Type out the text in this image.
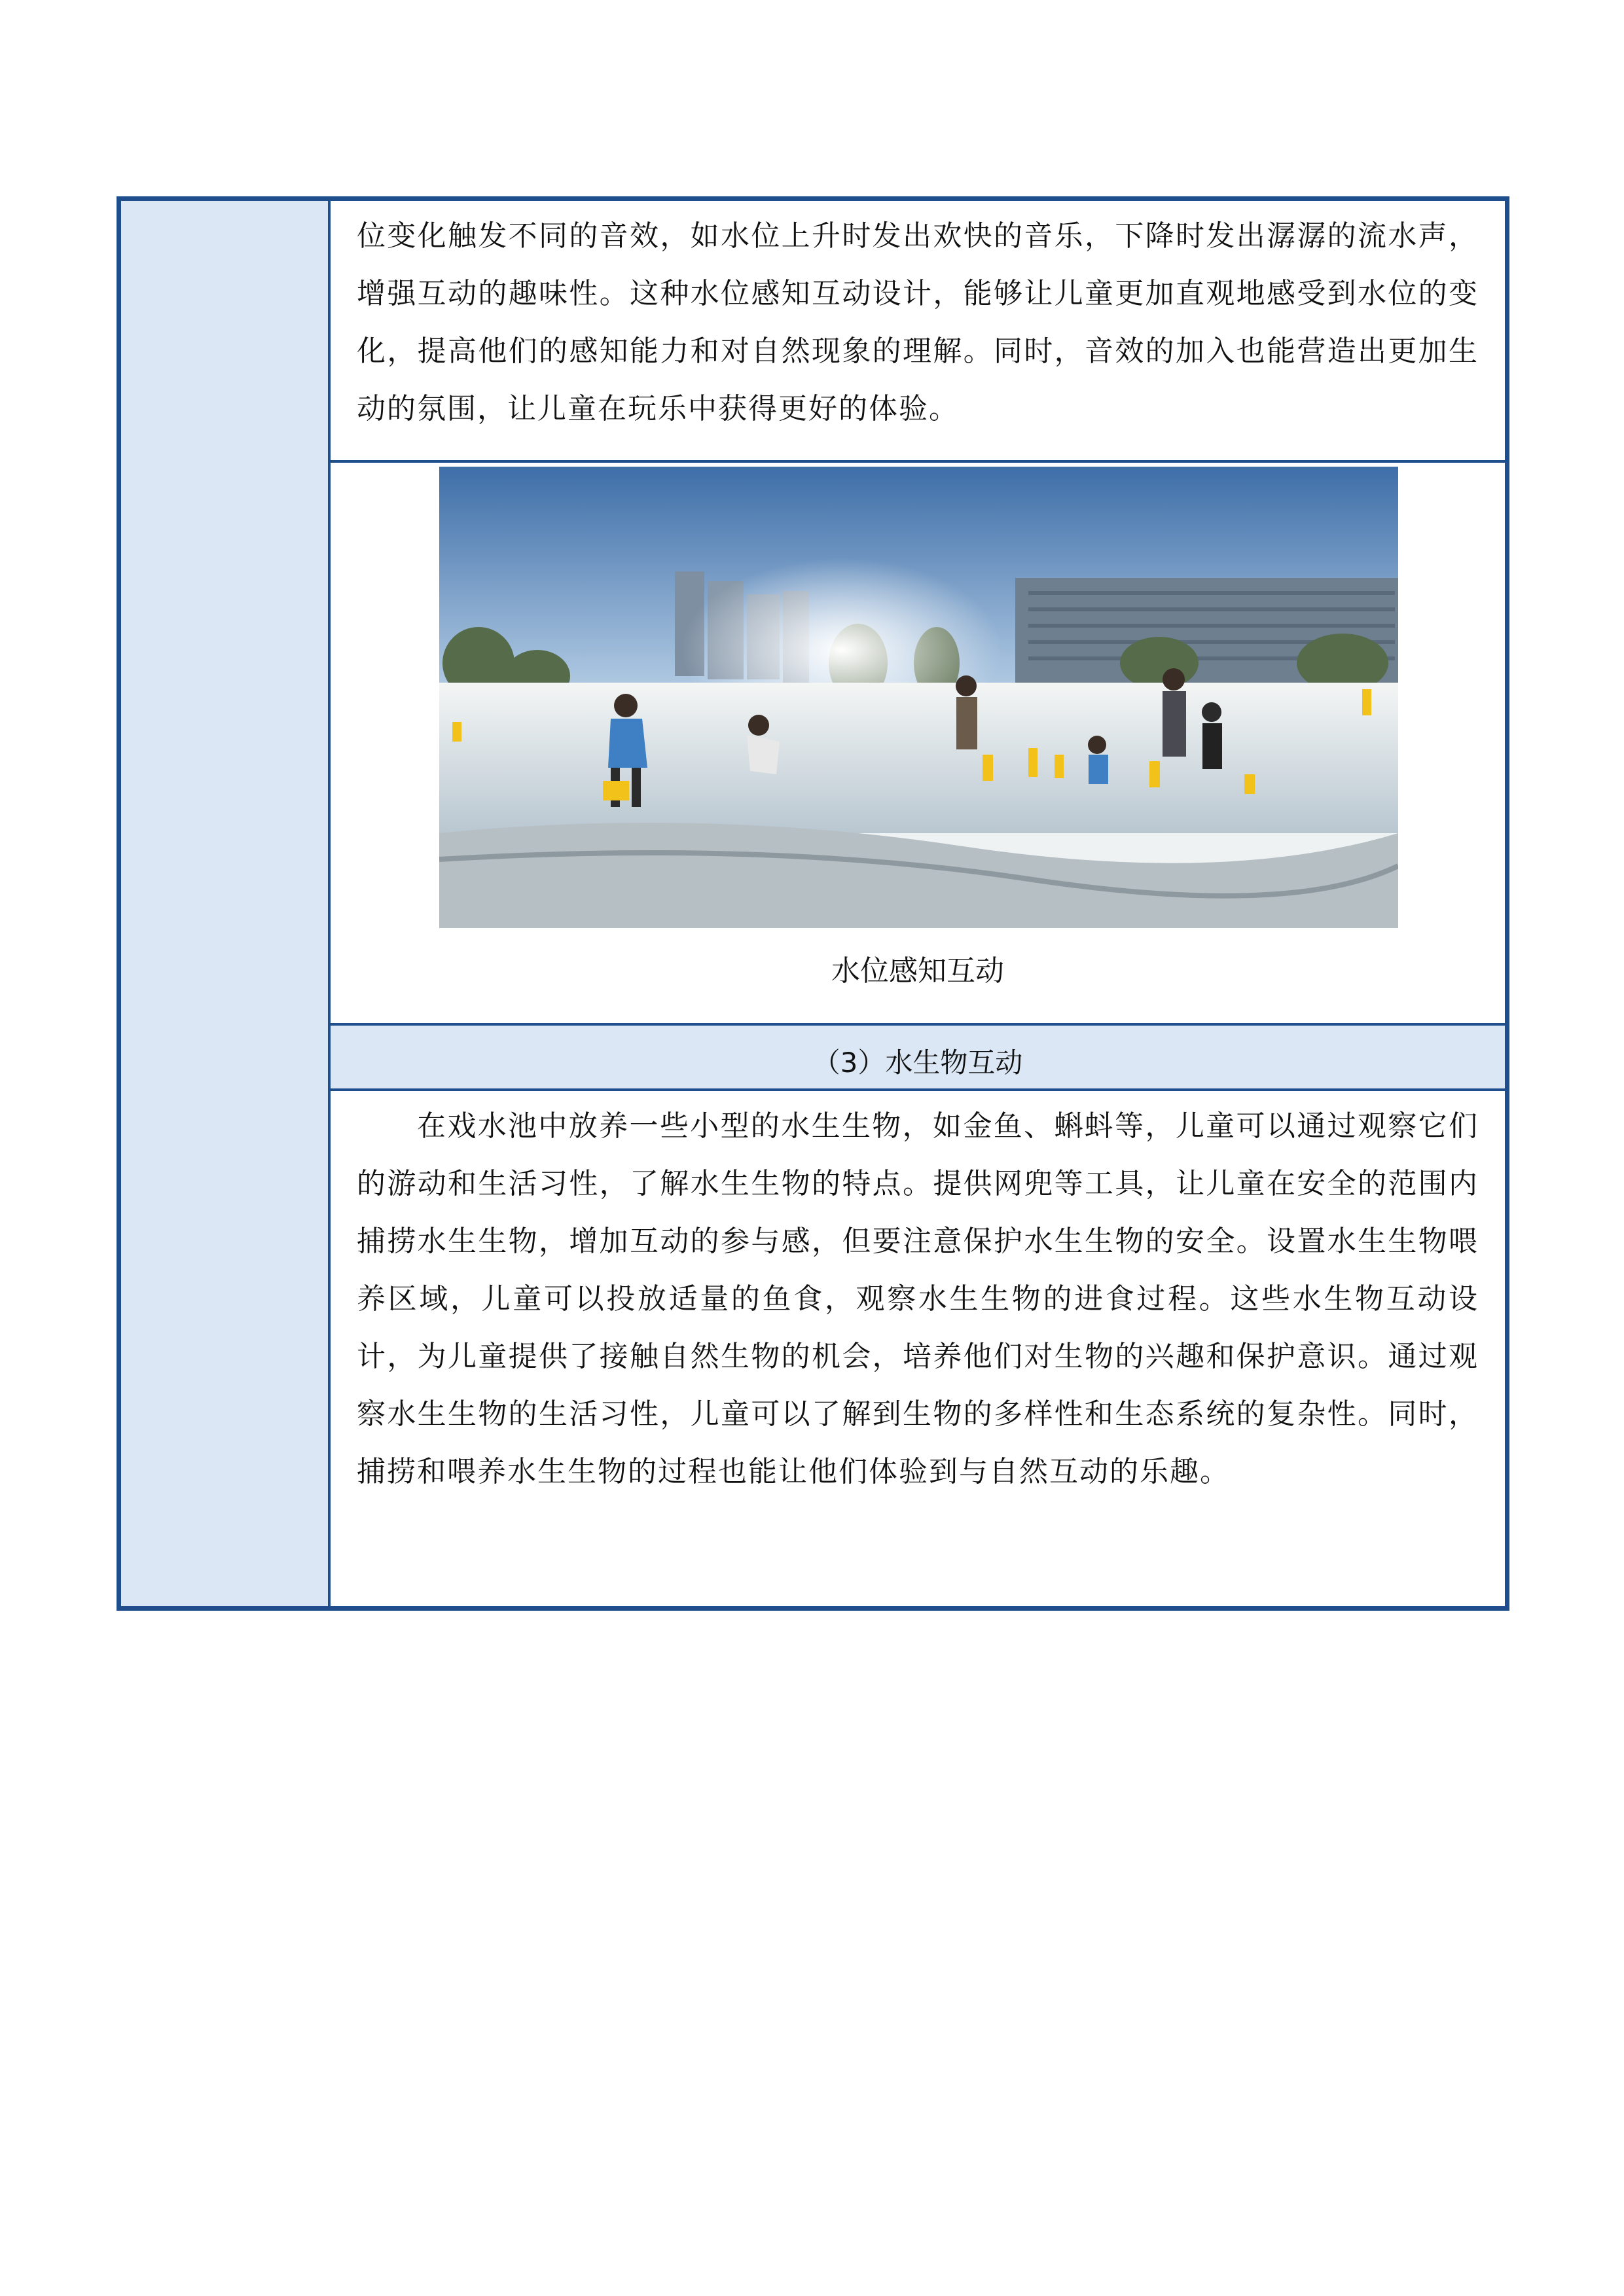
位变化触发不同的音效，如水位上升时发出欢快的音乐，下降时发出潺潺的流水声，增强互动的趣味性。这种水位感知互动设计，能够让儿童更加直观地感受到水位的变化，提高他们的感知能力和对自然现象的理解。同时，音效的加入也能营造出更加生动的氛围，让儿童在玩乐中获得更好的体验。

水位感知互动
（3）水生物互动

在戏水池中放养一些小型的水生生物，如金鱼、蝌蚪等，儿童可以通过观察它们的游动和生活习性，了解水生生物的特点。提供网兜等工具，让儿童在安全的范围内捕捞水生生物，增加互动的参与感，但要注意保护水生生物的安全。设置水生生物喂养区域，儿童可以投放适量的鱼食，观察水生生物的进食过程。这些水生物互动设计，为儿童提供了接触自然生物的机会，培养他们对生物的兴趣和保护意识。通过观察水生生物的生活习性，儿童可以了解到生物的多样性和生态系统的复杂性。同时，捕捞和喂养水生生物的过程也能让他们体验到与自然互动的乐趣。
